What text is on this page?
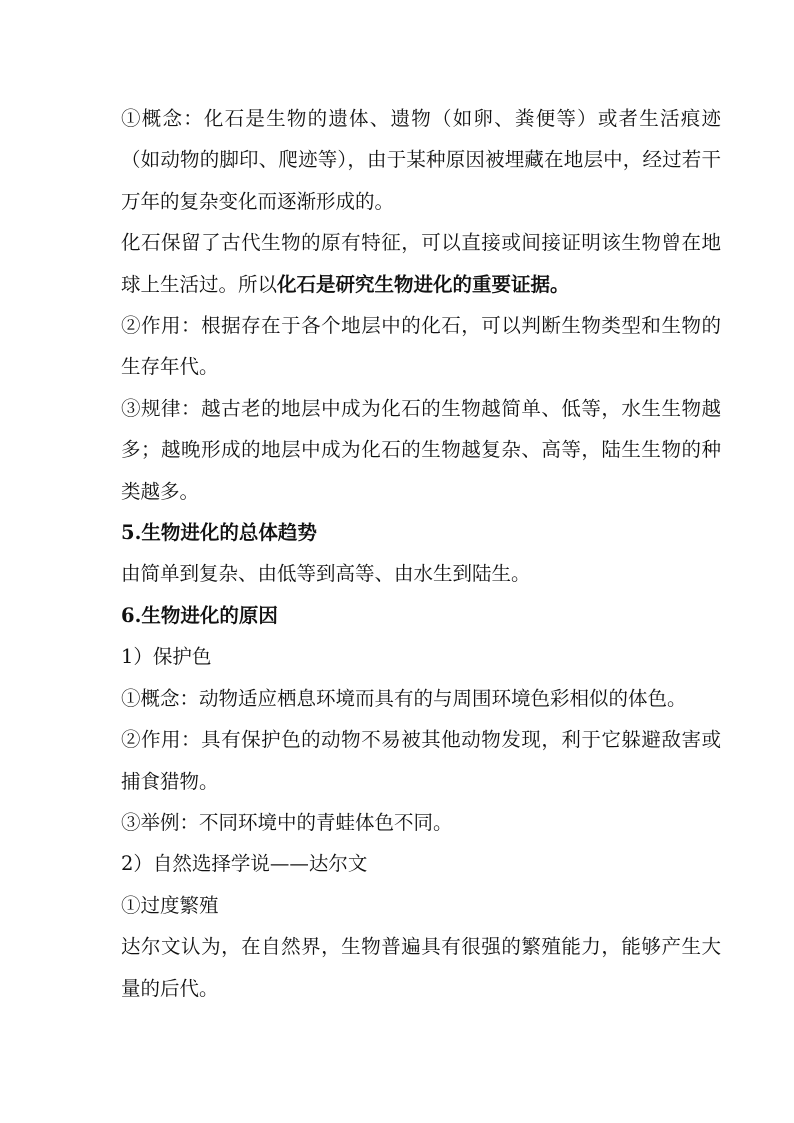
①概念：化石是生物的遗体、遗物（如卵、粪便等）或者生活痕迹（如动物的脚印、爬迹等），由于某种原因被埋藏在地层中，经过若干万年的复杂变化而逐渐形成的。

化石保留了古代生物的原有特征，可以直接或间接证明该生物曾在地球上生活过。所以化石是研究生物进化的重要证据。

②作用：根据存在于各个地层中的化石，可以判断生物类型和生物的生存年代。

③规律：越古老的地层中成为化石的生物越简单、低等，水生生物越多；越晚形成的地层中成为化石的生物越复杂、高等，陆生生物的种类越多。

5.生物进化的总体趋势

由简单到复杂、由低等到高等、由水生到陆生。

6.生物进化的原因

1）保护色

①概念：动物适应栖息环境而具有的与周围环境色彩相似的体色。

②作用：具有保护色的动物不易被其他动物发现，利于它躲避敌害或捕食猎物。

③举例：不同环境中的青蛙体色不同。

2）自然选择学说——达尔文

①过度繁殖

达尔文认为，在自然界，生物普遍具有很强的繁殖能力，能够产生大量的后代。
